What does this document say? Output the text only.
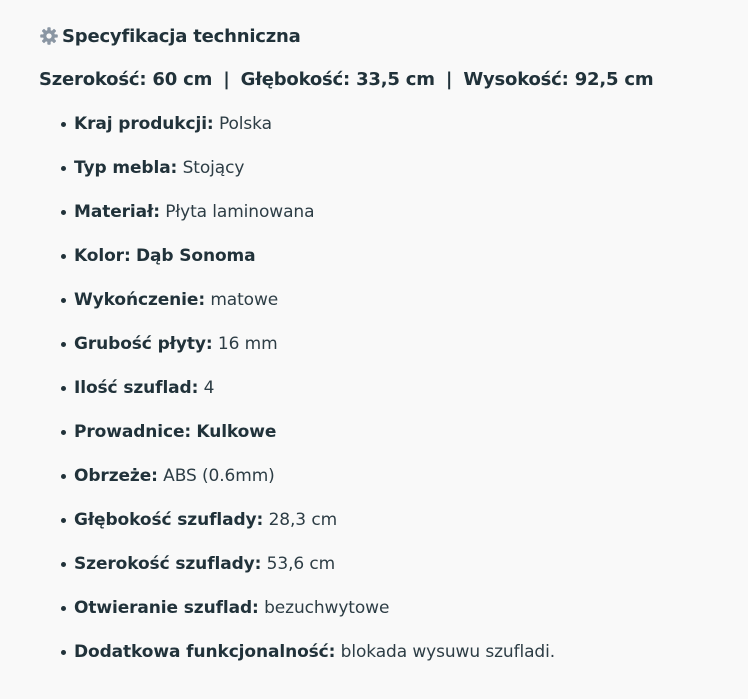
Specyfikacja techniczna
Szerokość: 60 cm | Głębokość: 33,5 cm | Wysokość: 92,5 cm
Kraj produkcji: Polska
Typ mebla: Stojący
Materiał: Płyta laminowana
Kolor: Dąb Sonoma
Wykończenie: matowe
Grubość płyty: 16 mm
Ilość szuflad: 4
Prowadnice: Kulkowe
Obrzeże: ABS (0.6mm)
Głębokość szuflady: 28,3 cm
Szerokość szuflady: 53,6 cm
Otwieranie szuflad: bezuchwytowe
Dodatkowa funkcjonalność: blokada wysuwu szufladi.
